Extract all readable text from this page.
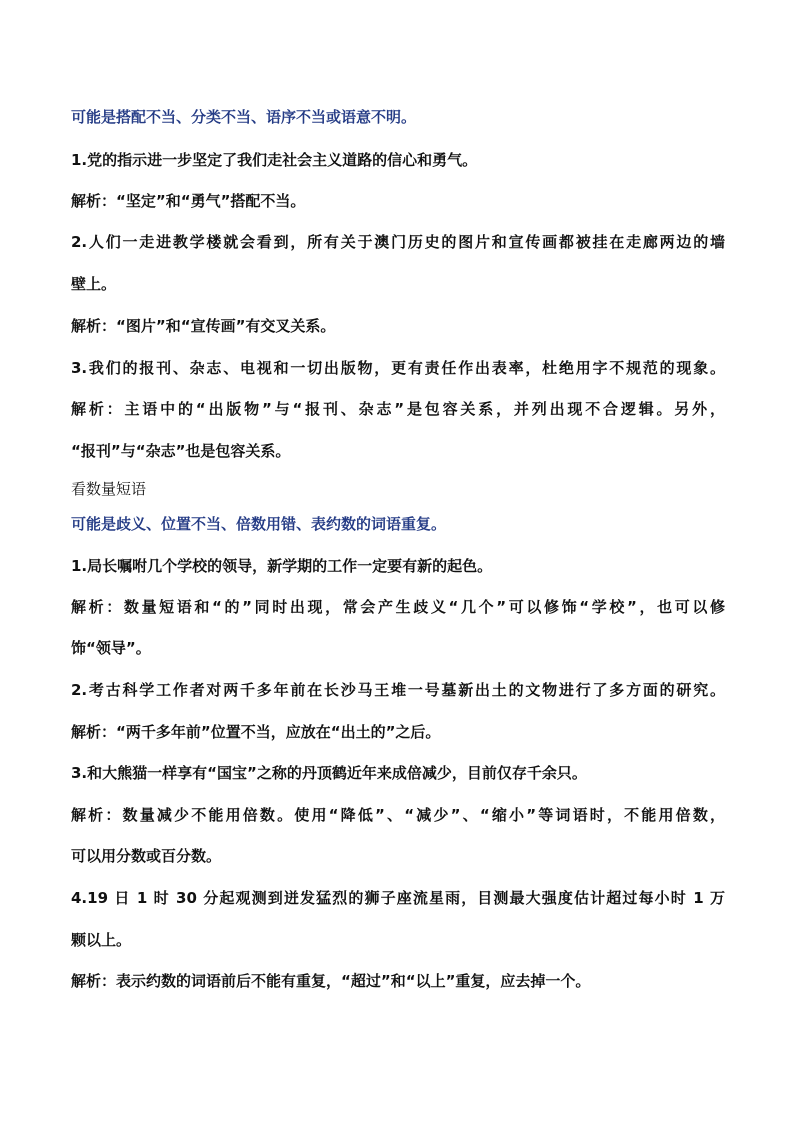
可能是搭配不当、分类不当、语序不当或语意不明。
1.党的指示进一步坚定了我们走社会主义道路的信心和勇气。
解析：“坚定”和“勇气”搭配不当。
2.人们一走进教学楼就会看到，所有关于澳门历史的图片和宣传画都被挂在走廊两边的墙
壁上。
解析：“图片”和“宣传画”有交叉关系。
3.我们的报刊、杂志、电视和一切出版物，更有责任作出表率，杜绝用字不规范的现象。
解析：主语中的“出版物”与“报刊、杂志”是包容关系，并列出现不合逻辑。另外，
“报刊”与“杂志”也是包容关系。
看数量短语
可能是歧义、位置不当、倍数用错、表约数的词语重复。
1.局长嘱咐几个学校的领导，新学期的工作一定要有新的起色。
解析：数量短语和“的”同时出现，常会产生歧义“几个”可以修饰“学校”，也可以修
饰“领导”。
2.考古科学工作者对两千多年前在长沙马王堆一号墓新出土的文物进行了多方面的研究。
解析：“两千多年前”位置不当，应放在“出土的”之后。
3.和大熊猫一样享有“国宝”之称的丹顶鹤近年来成倍减少，目前仅存千余只。
解析：数量减少不能用倍数。使用“降低”、“减少”、“缩小”等词语时，不能用倍数，
可以用分数或百分数。
4.19 日 1 时 30 分起观测到迸发猛烈的狮子座流星雨，目测最大强度估计超过每小时 1 万
颗以上。
解析：表示约数的词语前后不能有重复，“超过”和“以上”重复，应去掉一个。
